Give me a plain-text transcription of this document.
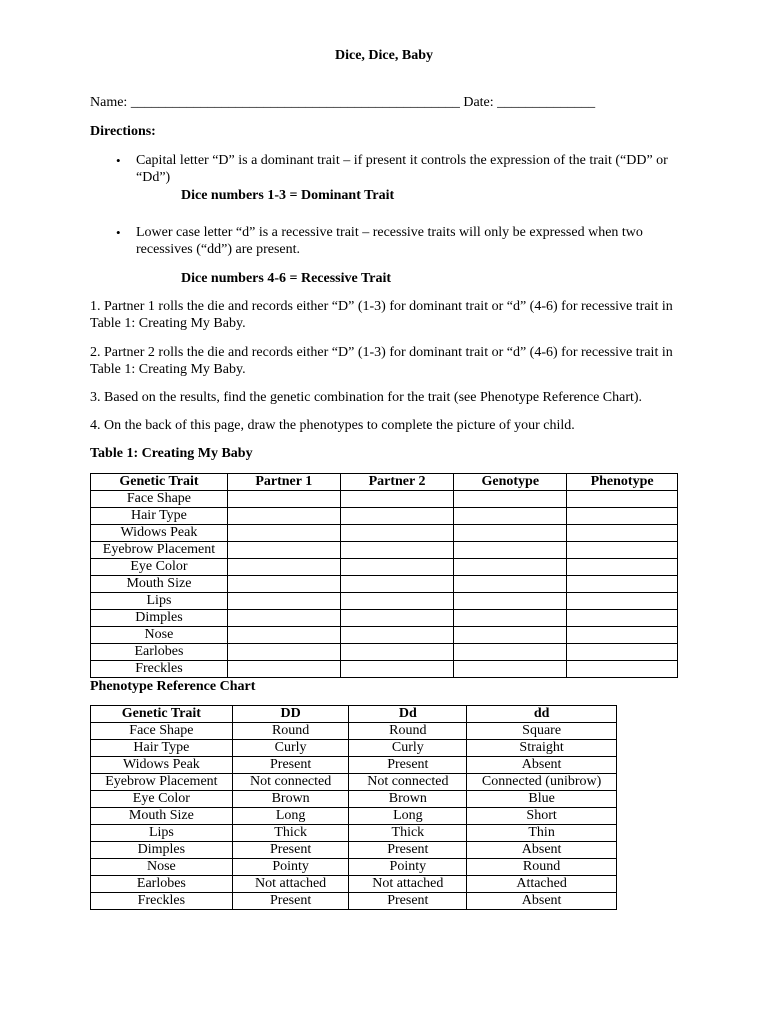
Dice, Dice, Baby
Name: _______________________________________________ Date: ______________
Directions:
• Capital letter “D” is a dominant trait – if present it controls the expression of the trait (“DD” or “Dd”)
Dice numbers 1-3 = Dominant Trait
• Lower case letter “d” is a recessive trait – recessive traits will only be expressed when two recessives (“dd”) are present.
Dice numbers 4-6 = Recessive Trait
1. Partner 1 rolls the die and records either “D” (1-3) for dominant trait or “d” (4-6) for recessive trait in Table 1: Creating My Baby.
2. Partner 2 rolls the die and records either “D” (1-3) for dominant trait or “d” (4-6) for recessive trait in Table 1: Creating My Baby.
3. Based on the results, find the genetic combination for the trait (see Phenotype Reference Chart).
4. On the back of this page, draw the phenotypes to complete the picture of your child.
Table 1: Creating My Baby
Genetic Trait	Partner 1	Partner 2	Genotype	Phenotype
Face Shape				
Hair Type				
Widows Peak				
Eyebrow Placement				
Eye Color				
Mouth Size				
Lips				
Dimples				
Nose				
Earlobes				
Freckles				
Phenotype Reference Chart
Genetic Trait	DD	Dd	dd
Face Shape	Round	Round	Square
Hair Type	Curly	Curly	Straight
Widows Peak	Present	Present	Absent
Eyebrow Placement	Not connected	Not connected	Connected (unibrow)
Eye Color	Brown	Brown	Blue
Mouth Size	Long	Long	Short
Lips	Thick	Thick	Thin
Dimples	Present	Present	Absent
Nose	Pointy	Pointy	Round
Earlobes	Not attached	Not attached	Attached
Freckles	Present	Present	Absent
